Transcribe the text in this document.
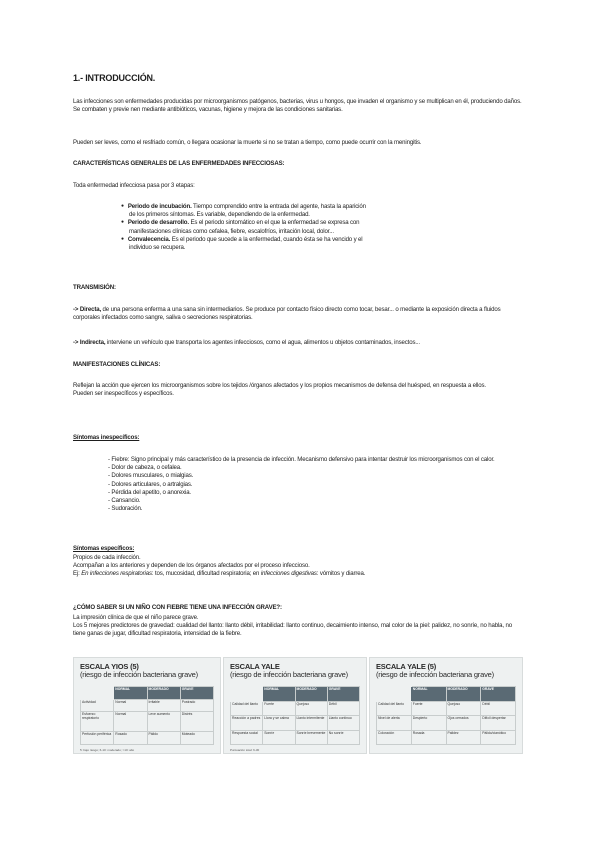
1.- INTRODUCCIÓN.
Las infecciones son enfermedades producidas por microorganismos patógenos, bacterias, virus u hongos, que invaden el organismo y se multiplican en él, produciendo daños.
Se combaten y previe nen mediante antibióticos, vacunas, higiene y mejora de las condiciones sanitarias.
Pueden ser leves, como el resfriado común, o llegara ocasionar la muerte si no se tratan a tiempo, como puede ocurrir con la meningitis.
CARACTERÍSTICAS GENERALES DE LAS ENFERMEDADES INFECCIOSAS:
Toda enfermedad infecciosa pasa por 3 etapas:
● Periodo de incubación. Tiempo comprendido entre la entrada del agente, hasta la aparición
de los primeros síntomas. Es variable, dependiendo de la enfermedad.
● Periodo de desarrollo. Es el periodo sintomático en el que la enfermedad se expresa con
manifestaciones clínicas como cefalea, fiebre, escalofríos, irritación local, dolor...
● Convalecencia. Es el periodo que sucede a la enfermedad, cuando ésta se ha vencido y el
individuo se recupera.
TRANSMISIÓN:
-> Directa, de una persona enferma a una sana sin intermediarios. Se produce por contacto físico directo como tocar, besar... o mediante la exposición directa a fluidos corporales infectados como sangre, saliva o secreciones respiratorias.
-> Indirecta, interviene un vehículo que transporta los agentes infecciosos, como el agua, alimentos u objetos contaminados, insectos...
MANIFESTACIONES CLÍNICAS:
Reflejan la acción que ejercen los microorganismos sobre los tejidos /órganos afectados y los propios mecanismos de defensa del huésped, en respuesta a ellos.
Pueden ser inespecíficos y específicos.
Síntomas inespecíficos:
- Fiebre: Signo principal y más característico de la presencia de infección. Mecanismo defensivo para intentar destruir los microorganismos con el calor.
- Dolor de cabeza, o cefalea.
- Dolores musculares, o mialgias.
- Dolores articulares, o artralgias.
- Pérdida del apetito, o anorexia.
- Cansancio.
- Sudoración.
Síntomas específicos:
Propios de cada infección.
Acompañan a los anteriores y dependen de los órganos afectados por el proceso infeccioso.
Ej: En infecciones respiratorias: tos, mucosidad, dificultad respiratoria; en infecciones digestivas: vómitos y diarrea.
¿CÓMO SABER SI UN NIÑO CON FIEBRE TIENE UNA INFECCIÓN GRAVE?:
La impresión clínica de que el niño parece grave.
Los 5 mejores predictores de gravedad: cualidad del llanto: llanto débil, irritabilidad: llanto continuo, decaimiento intenso, mal color de la piel: palidez, no sonríe, no habla, no tiene ganas de jugar, dificultad respiratoria, intensidad de la fiebre.
ESCALA YIOS (5)
(riesgo de infección bacteriana grave)
	NORMAL	MODERADO	GRAVE
Actividad	Normal	Irritable	Postrado
Esfuerzo respiratorio	Normal	Leve aumento	Distrés
Perfusión periférica	Rosado	Pálido	Moteado
5: bajo riesgo; 6-10: moderado; >10: alto
ESCALA YALE
(riesgo de infección bacteriana grave)
	NORMAL	MODERADO	GRAVE
Calidad del llanto	Fuerte	Quejoso	Débil
Reacción a padres	Llora y se calma	Llanto intermitente	Llanto continuo
Respuesta social	Sonríe	Sonríe brevemente	No sonríe
Puntuación total: 6-30
ESCALA YALE (5)
(riesgo de infección bacteriana grave)
	NORMAL	MODERADO	GRAVE
Calidad del llanto	Fuerte	Quejoso	Débil
Nivel de alerta	Despierto	Ojos cerrados	Difícil despertar
Coloración	Rosada	Palidez	Pálido/cianótico
